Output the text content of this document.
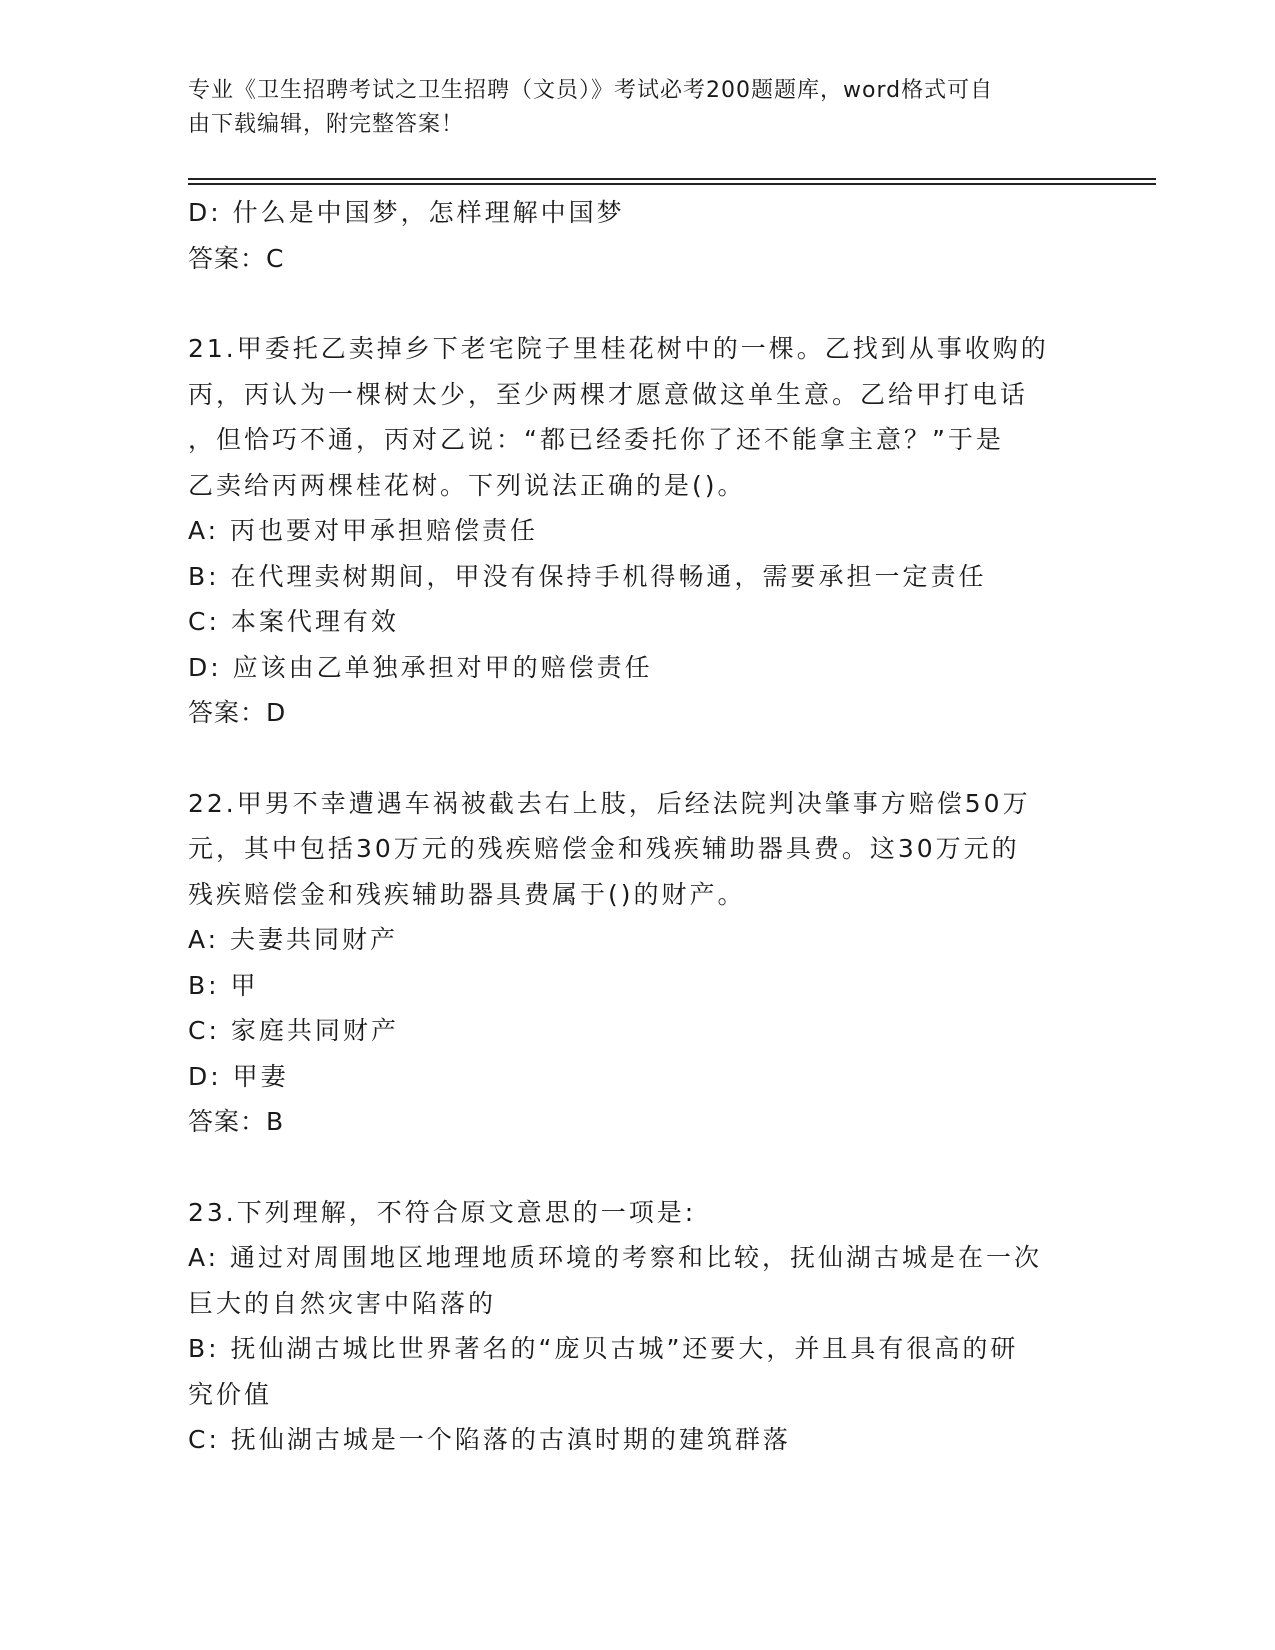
专业《卫生招聘考试之卫生招聘（文员）》考试必考200题题库，word格式可自
由下载编辑，附完整答案！
D: 什么是中国梦，怎样理解中国梦
答案：C
21.甲委托乙卖掉乡下老宅院子里桂花树中的一棵。乙找到从事收购的
丙，丙认为一棵树太少，至少两棵才愿意做这单生意。乙给甲打电话
，但恰巧不通，丙对乙说：“都已经委托你了还不能拿主意？”于是
乙卖给丙两棵桂花树。下列说法正确的是()。
A: 丙也要对甲承担赔偿责任
B: 在代理卖树期间，甲没有保持手机得畅通，需要承担一定责任
C: 本案代理有效
D: 应该由乙单独承担对甲的赔偿责任
答案：D
22.甲男不幸遭遇车祸被截去右上肢，后经法院判决肇事方赔偿50万
元，其中包括30万元的残疾赔偿金和残疾辅助器具费。这30万元的
残疾赔偿金和残疾辅助器具费属于()的财产。
A: 夫妻共同财产
B: 甲
C: 家庭共同财产
D: 甲妻
答案：B
23.下列理解，不符合原文意思的一项是:
A: 通过对周围地区地理地质环境的考察和比较，抚仙湖古城是在一次
巨大的自然灾害中陷落的
B: 抚仙湖古城比世界著名的“庞贝古城”还要大，并且具有很高的研
究价值
C: 抚仙湖古城是一个陷落的古滇时期的建筑群落
